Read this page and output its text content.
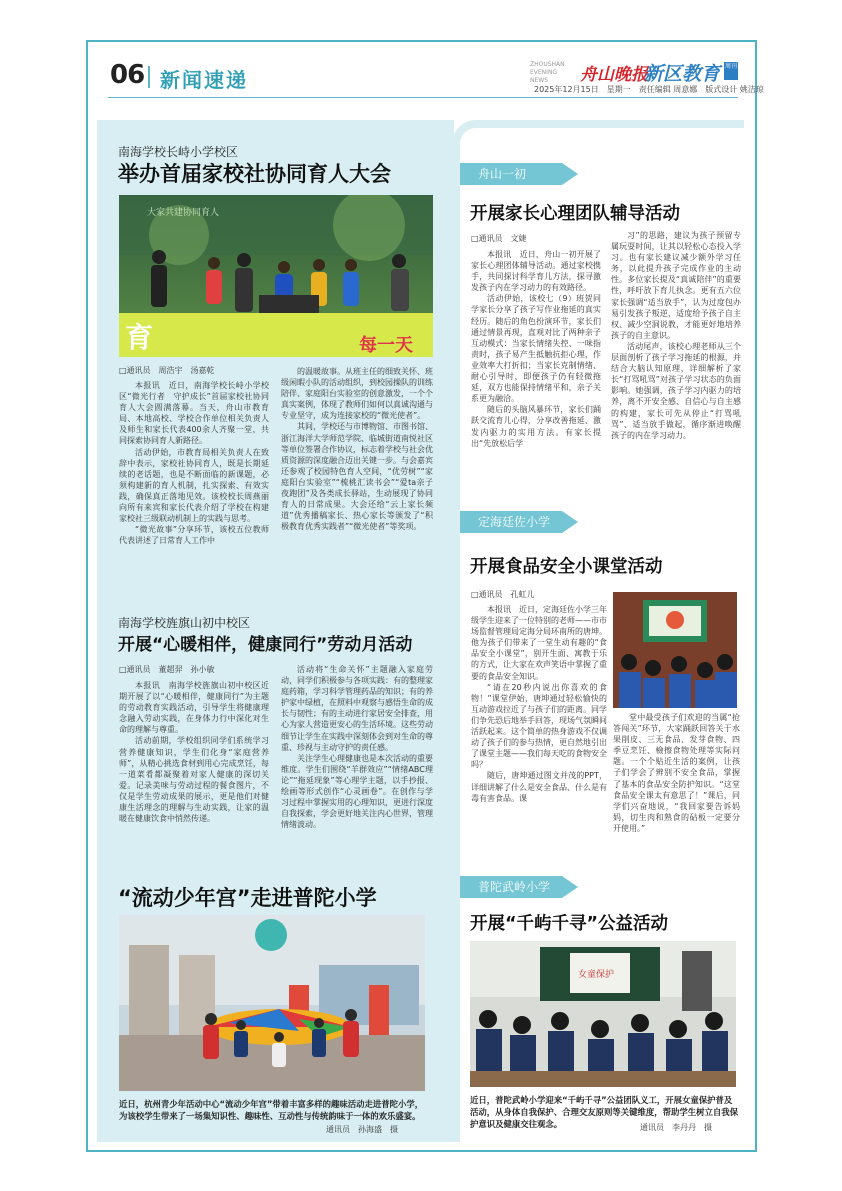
06 新闻速递
ZHOUSHAN EVENING NEWS	舟山晚报
新区教育 周刊
2025年12月15日　星期一　责任编辑 周意娜　版式设计 姚洁琼
南海学校长峙小学校区
举办首届家校社协同育人大会
大家共建协同育人
育	每一天
□通讯员　周浩宇　汤嘉乾

本报讯　近日，南海学校长峙小学校区“微光行者　守护成长”首届家校社协同育人大会圆满落幕。当天，舟山市教育局、本地高校、学校合作单位相关负责人及师生和家长代表400余人齐聚一堂，共同探索协同育人新路径。

活动伊始，市教育局相关负责人在致辞中表示，家校社协同育人，既是长期延续的老话题，也是不断面临的新课题，必须构建新的育人机制，扎实探索、有效实践，确保真正落地见效。该校校长周燕丽向所有来宾和家长代表介绍了学校在构建家校社三级联动机制上的实践与思考。

“微光故事”分享环节，该校五位教师代表讲述了日常育人工作中

的温暖故事。从班主任的细致关怀、班级闲暇小队的活动组织，到校园操队的训练陪伴、家庭阳台实验室的创意激发，一个个真实案例，体现了教师们如何以真诚沟通与专业坚守，成为连接家校的“微光使者”。

其间，学校还与市博物馆、市图书馆、浙江海洋大学师范学院、临城街道南悦社区等单位签署合作协议，标志着学校与社会优质资源的深度融合迈出关键一步。与会嘉宾还参观了校园特色育人空间，“优劳树”“家庭阳台实验室”“梳桃汇读书会”“爱ta亲子夜跑团”及各类成长驿站，生动展现了协同育人的日常成果。大会还给“云上家长频道”优秀播稿家长、热心家长等颁发了“积极教育优秀实践者”“微光使者”等奖项。

南海学校旌旗山初中校区
开展“心暖相伴，健康同行”劳动月活动
□通讯员　董超羿　孙小敏

本报讯　南海学校旌旗山初中校区近期开展了以“心暖相伴，健康同行”为主题的劳动教育实践活动，引导学生将健康理念融入劳动实践，在身体力行中深化对生命的理解与尊重。

活动前期，学校组织同学们系统学习营养健康知识，学生们化身“家庭营养师”，从精心挑选食材到用心完成烹饪，每一道菜肴都凝聚着对家人健康的深切关爱。记录美味与劳动过程的餐食图片，不仅是学生劳动成果的展示，更是他们对健康生活理念的理解与生动实践，让家的温暖在健康饮食中悄然传递。

活动将“生命关怀”主题融入家庭劳动，同学们积极参与各项实践：有的整理家庭药箱，学习科学管理药品的知识；有的养护家中绿植，在照料中观察与感悟生命的成长与韧性；有的主动进行家居安全排查，用心为家人营造更安心的生活环境。这些劳动细节让学生在实践中深刻体会到对生命的尊重、珍视与主动守护的责任感。

关注学生心理健康也是本次活动的重要维度。学生们围绕“羊群效应”“情绪ABC理论”“拖延现象”等心理学主题，以手抄报、绘画等形式创作“心灵画卷”。在创作与学习过程中掌握实用的心理知识，更进行深度自我探索，学会更好地关注内心世界，管理情绪波动。

“流动少年宫”走进普陀小学
近日，杭州青少年活动中心“流动少年宫”带着丰富多样的趣味活动走进普陀小学，为该校学生带来了一场集知识性、趣味性、互动性与传统韵味于一体的欢乐盛宴。
通讯员　孙海盛　摄
舟山一初
开展家长心理团队辅导活动
□通讯员　文婕

本报讯　近日，舟山一初开展了家长心理团体辅导活动。通过家校携手，共同探讨科学育儿方法，探寻激发孩子内在学习动力的有效路径。

活动伊始，该校七（9）班贺同学家长分享了孩子写作业拖延的真实经历。随后的角色扮演环节，家长们通过情景再现，直观对比了两种亲子互动模式：当家长情绪失控、一味指责时，孩子易产生抵触抗拒心理，作业效率大打折扣；当家长克制情绪、耐心引导时，即便孩子仍有轻微拖延，双方也能保持情绪平和，亲子关系更为融洽。

随后的头脑风暴环节，家长们踊跃交流育儿心得，分享改善拖延、激发内驱力的实用方法。有家长提出“先放松后学

习”的思路，建议为孩子预留专属玩耍时间，让其以轻松心态投入学习。也有家长建议减少额外学习任务，以此提升孩子完成作业的主动性。多位家长提及“真诚陪伴”的重要性，呼吁放下育儿执念。更有五六位家长强调“适当放手”，认为过度包办易引发孩子叛逆，适度给予孩子自主权、减少空洞说教，才能更好地培养孩子的自主意识。

活动尾声，该校心理老师从三个层面剖析了孩子学习拖延的根源，并结合大脑认知原理，详细解析了家长“打骂吼骂”对孩子学习状态的负面影响。她强调，孩子学习内驱力的培养，离不开安全感、自信心与自主感的构建，家长可先从停止“打骂吼骂”、适当放手做起，循序渐进唤醒孩子的内在学习动力。

定海廷佐小学
开展食品安全小课堂活动
□通讯员　孔虹儿

本报讯　近日，定海廷佐小学三年级学生迎来了一位特别的老师——市市场监督管理局定海分局环南所的唐坤。他为孩子们带来了一堂生动有趣的“食品安全小课堂”，别开生面、寓教于乐的方式，让大家在欢声笑语中掌握了重要的食品安全知识。

“请在20秒内说出你喜欢的食物！”课堂伊始，唐坤通过轻松愉快的互动游戏拉近了与孩子们的距离。同学们争先恐后地举手回答，现场气氛瞬间活跃起来。这个简单的热身游戏不仅调动了孩子们的参与热情，更自然地引出了课堂主题——我们每天吃的食物安全吗？

随后，唐坤通过图文并茂的PPT，详细讲解了什么是安全食品、什么是有毒有害食品。课

堂中最受孩子们欢迎的当属“抢答闯关”环节，大家踊跃回答关于水果削皮、三无食品、发芽食物、四季豆烹饪、檢擦食物处理等实际问题。一个个贴近生活的案例，让孩子们学会了辨别不安全食品，掌握了基本的食品安全防护知识。“这堂食品安全课太有意思了！”课后，同学们兴奋地说，“我回家要告诉妈妈，切生肉和熟食的砧板一定要分开使用。”

普陀武岭小学
开展“千屿千寻”公益活动
女童保护
近日，普陀武岭小学迎来“千屿千寻”公益团队义工，开展女童保护普及活动，从身体自我保护、合理交友原则等关键维度，帮助学生树立自我保护意识及健康交往观念。	通讯员　李丹丹　摄
